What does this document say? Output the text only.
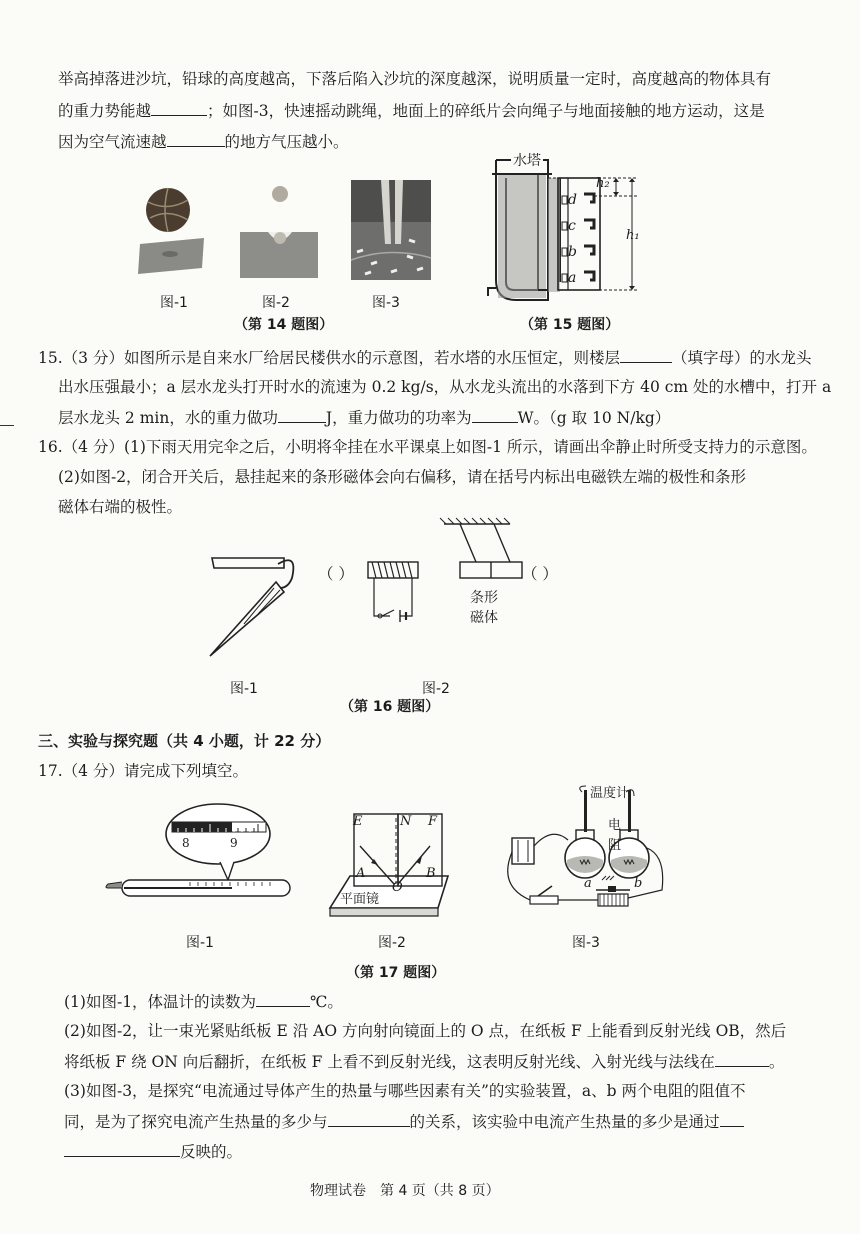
举高掉落进沙坑，铅球的高度越高，下落后陷入沙坑的深度越深，说明质量一定时，高度越高的物体具有
的重力势能越	；如图-3，快速摇动跳绳，地面上的碎纸片会向绳子与地面接触的地方运动，这是
因为空气流速越	的地方气压越小。
图-1	图-2	图-3
（第 14 题图）
水塔
d
c
b
a
h₂
h₁
（第 15 题图）
15.（3 分）如图所示是自来水厂给居民楼供水的示意图，若水塔的水压恒定，则楼层	（填字母）的水龙头
出水压强最小；a 层水龙头打开时水的流速为 0.2 kg/s，从水龙头流出的水落到下方 40 cm 处的水槽中，打开 a
层水龙头 2 min，水的重力做功	J，重力做功的功率为	W。（g 取 10 N/kg）
16.（4 分）(1)下雨天用完伞之后，小明将伞挂在水平课桌上如图-1 所示，请画出伞静止时所受支持力的示意图。
(2)如图-2，闭合开关后，悬挂起来的条形磁体会向右偏移，请在括号内标出电磁铁左端的极性和条形
磁体右端的极性。
图-1
（ ）	（ ）
条形
磁体
图-2
（第 16 题图）
三、实验与探究题（共 4 小题，计 22 分）
17.（4 分）请完成下列填空。
8	9
图-1
E	N F
A
O
B
平面镜
图-2
温度计
电
阻
a	b
图-3
（第 17 题图）
(1)如图-1，体温计的读数为	℃。
(2)如图-2，让一束光紧贴纸板 E 沿 AO 方向射向镜面上的 O 点，在纸板 F 上能看到反射光线 OB，然后
将纸板 F 绕 ON 向后翻折，在纸板 F 上看不到反射光线，这表明反射光线、入射光线与法线在	。
(3)如图-3，是探究“电流通过导体产生的热量与哪些因素有关”的实验装置，a、b 两个电阻的阻值不
同，是为了探究电流产生热量的多少与	的关系，该实验中电流产生热量的多少是通过
反映的。
物理试卷　第 4 页（共 8 页）
